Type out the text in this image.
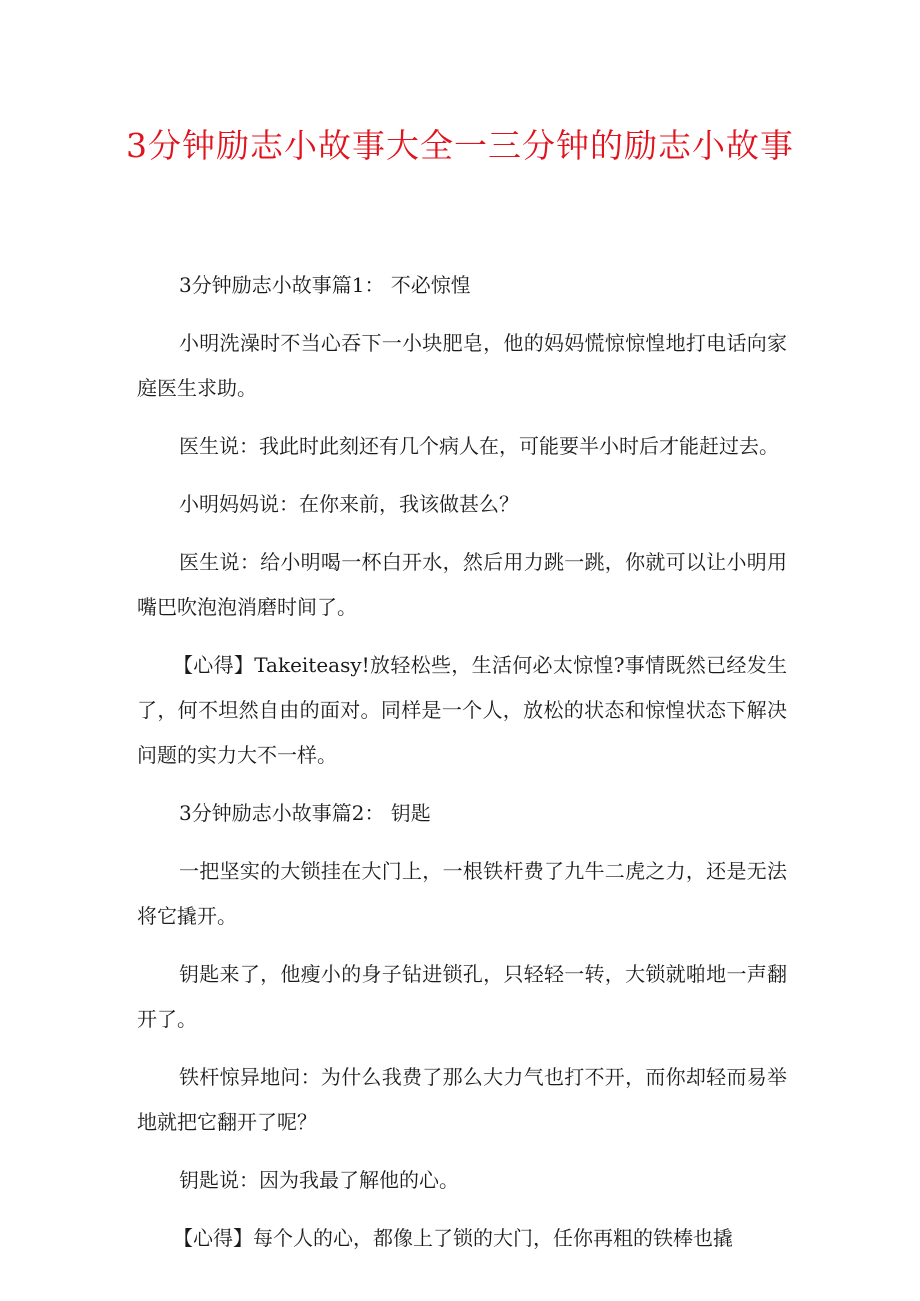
3分钟励志小故事大全一三分钟的励志小故事

3分钟励志小故事篇1： 不必惊惶

小明洗澡时不当心吞下一小块肥皂，他的妈妈慌惊惊惶地打电话向家庭医生求助。

医生说：我此时此刻还有几个病人在，可能要半小时后才能赶过去。

小明妈妈说：在你来前，我该做甚么？

医生说：给小明喝一杯白开水，然后用力跳一跳，你就可以让小明用嘴巴吹泡泡消磨时间了。

【心得】Takeiteasy!放轻松些，生活何必太惊惶?事情既然已经发生了，何不坦然自由的面对。同样是一个人，放松的状态和惊惶状态下解决问题的实力大不一样。

3分钟励志小故事篇2： 钥匙

一把坚实的大锁挂在大门上，一根铁杆费了九牛二虎之力，还是无法将它撬开。

钥匙来了，他瘦小的身子钻进锁孔，只轻轻一转，大锁就啪地一声翻开了。

铁杆惊异地问：为什么我费了那么大力气也打不开，而你却轻而易举地就把它翻开了呢？

钥匙说：因为我最了解他的心。

【心得】每个人的心，都像上了锁的大门，任你再粗的铁棒也撬
